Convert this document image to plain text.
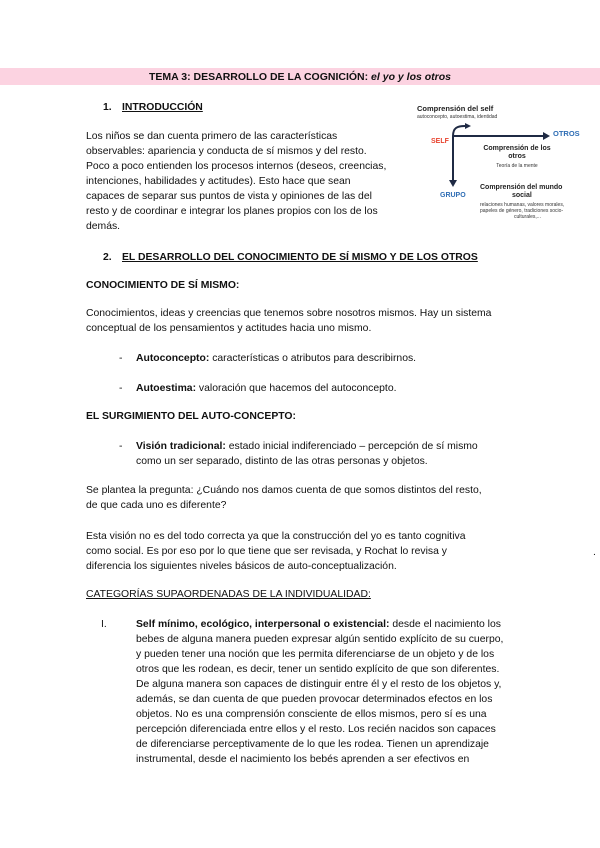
TEMA 3: DESARROLLO DE LA COGNICIÓN: el yo y los otros
1. INTRODUCCIÓN

Los niños se dan cuenta primero de las características

observables: apariencia y conducta de sí mismos y del resto.

Poco a poco entienden los procesos internos (deseos, creencias,

intenciones, habilidades y actitudes). Esto hace que sean

capaces de separar sus puntos de vista y opiniones de las del

resto y de coordinar e integrar los planes propios con los de los

demás.

Comprensión del self
autoconcepto, autoestima, identidad
SELF
OTROS
GRUPO
Comprensión de los
otros
Teoría de la mente
Comprensión del mundo
social
relaciones humanas, valores morales,
papeles de género, tradiciones socio-
culturales,...
2. EL DESARROLLO DEL CONOCIMIENTO DE SÍ MISMO Y DE LOS OTROS
CONOCIMIENTO DE SÍ MISMO:

Conocimientos, ideas y creencias que tenemos sobre nosotros mismos. Hay un sistema

conceptual de los pensamientos y actitudes hacia uno mismo.

- Autoconcepto: características o atributos para describirnos.
- Autoestima: valoración que hacemos del autoconcepto.
EL SURGIMIENTO DEL AUTO-CONCEPTO:
- Visión tradicional: estado inicial indiferenciado – percepción de sí mismo

como un ser separado, distinto de las otras personas y objetos.

Se plantea la pregunta: ¿Cuándo nos damos cuenta de que somos distintos del resto,

de que cada uno es diferente?

Esta visión no es del todo correcta ya que la construcción del yo es tanto cognitiva

como social. Es por eso por lo que tiene que ser revisada, y Rochat lo revisa y

diferencia los siguientes niveles básicos de auto-conceptualización.

.
CATEGORÍAS SUPAORDENADAS DE LA INDIVIDUALIDAD:
I.	Self mínimo, ecológico, interpersonal o existencial: desde el nacimiento los

bebes de alguna manera pueden expresar algún sentido explícito de su cuerpo,

y pueden tener una noción que les permita diferenciarse de un objeto y de los

otros que les rodean, es decir, tener un sentido explícito de que son diferentes.

De alguna manera son capaces de distinguir entre él y el resto de los objetos y,

además, se dan cuenta de que pueden provocar determinados efectos en los

objetos. No es una comprensión consciente de ellos mismos, pero sí es una

percepción diferenciada entre ellos y el resto. Los recién nacidos son capaces

de diferenciarse perceptivamente de lo que les rodea. Tienen un aprendizaje

instrumental, desde el nacimiento los bebés aprenden a ser efectivos en
